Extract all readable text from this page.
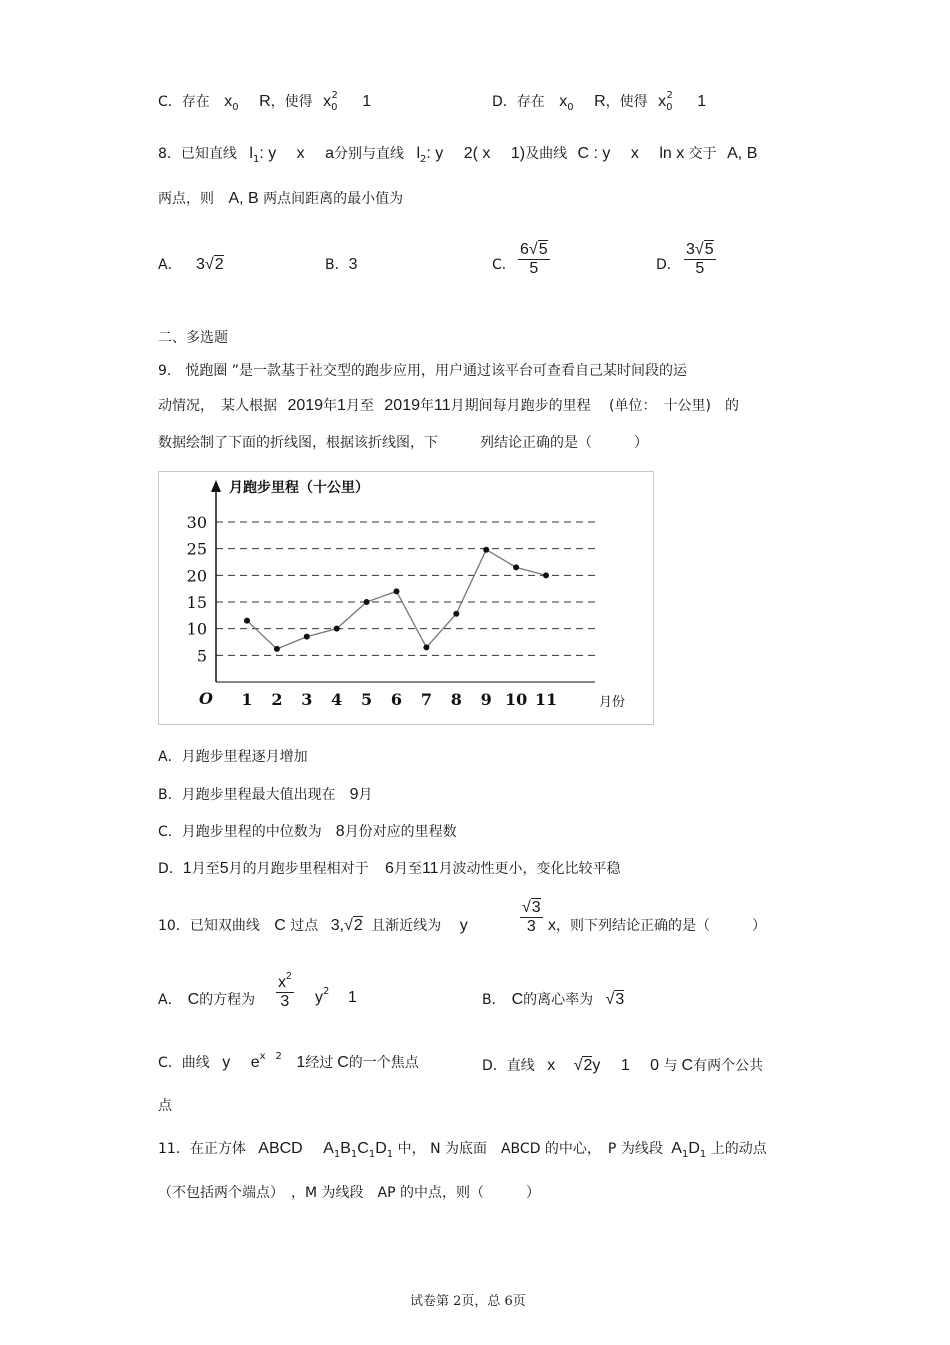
C．存在 $x_0$ R，使得 $x_0^2$ 1	D．存在 $x_0$ R，使得 $x_0^2$ 1
8．已知直线 $l_1$: y　 x　 a分别与直线 $l_2$: y　 2( x　 1)及曲线 C : y　 x　 ln x 交于 A, B
两点，则 A, B 两点间距离的最小值为
A． 3√2	B．3	C． $\frac{6√5}{5}$	D． $\frac{3√5}{5}$
二、多选题
9.　悦跑圈 ”是一款基于社交型的跑步应用，用户通过该平台可查看自己某时间段的运
动情况，　某人根据 2019年1月至 2019年11月期间每月跑步的里程　 (单位：　十公里)　的
数据绘制了下面的折线图，根据该折线图，下　　　列结论正确的是（　　　）
月跑步里程（十公里）
O	月份
5
10
15
20
25
30
1 2 3 4 5 6 7 8 9 10 11
A．月跑步里程逐月增加
B．月跑步里程最大值出现在 9月
C．月跑步里程的中位数为 8月份对应的里程数
D．1月至5月的月跑步里程相对于 6月至11月波动性更小，变化比较平稳
10．已知双曲线 C 过点 3,√2 且渐近线为 y	$\frac{√3}{3}$ x，则下列结论正确的是（　　　）
A． C的方程为 $\frac{x^2}{3} y^2$ 1	B． C的离心率为 √3
C．曲线 y $e^{x 2}$ 1经过 C的一个焦点	D．直线 x √2y　 1　 0 与 C有两个公共
点
11．在正方体 ABCD $A_1B_1C_1D_1$ 中， N 为底面　ABCD 的中心，　P 为线段 $A_1D_1$ 上的动点
（不包括两个端点）　，M 为线段　AP 的中点，则（　　　）
试卷第 2页，总 6页
